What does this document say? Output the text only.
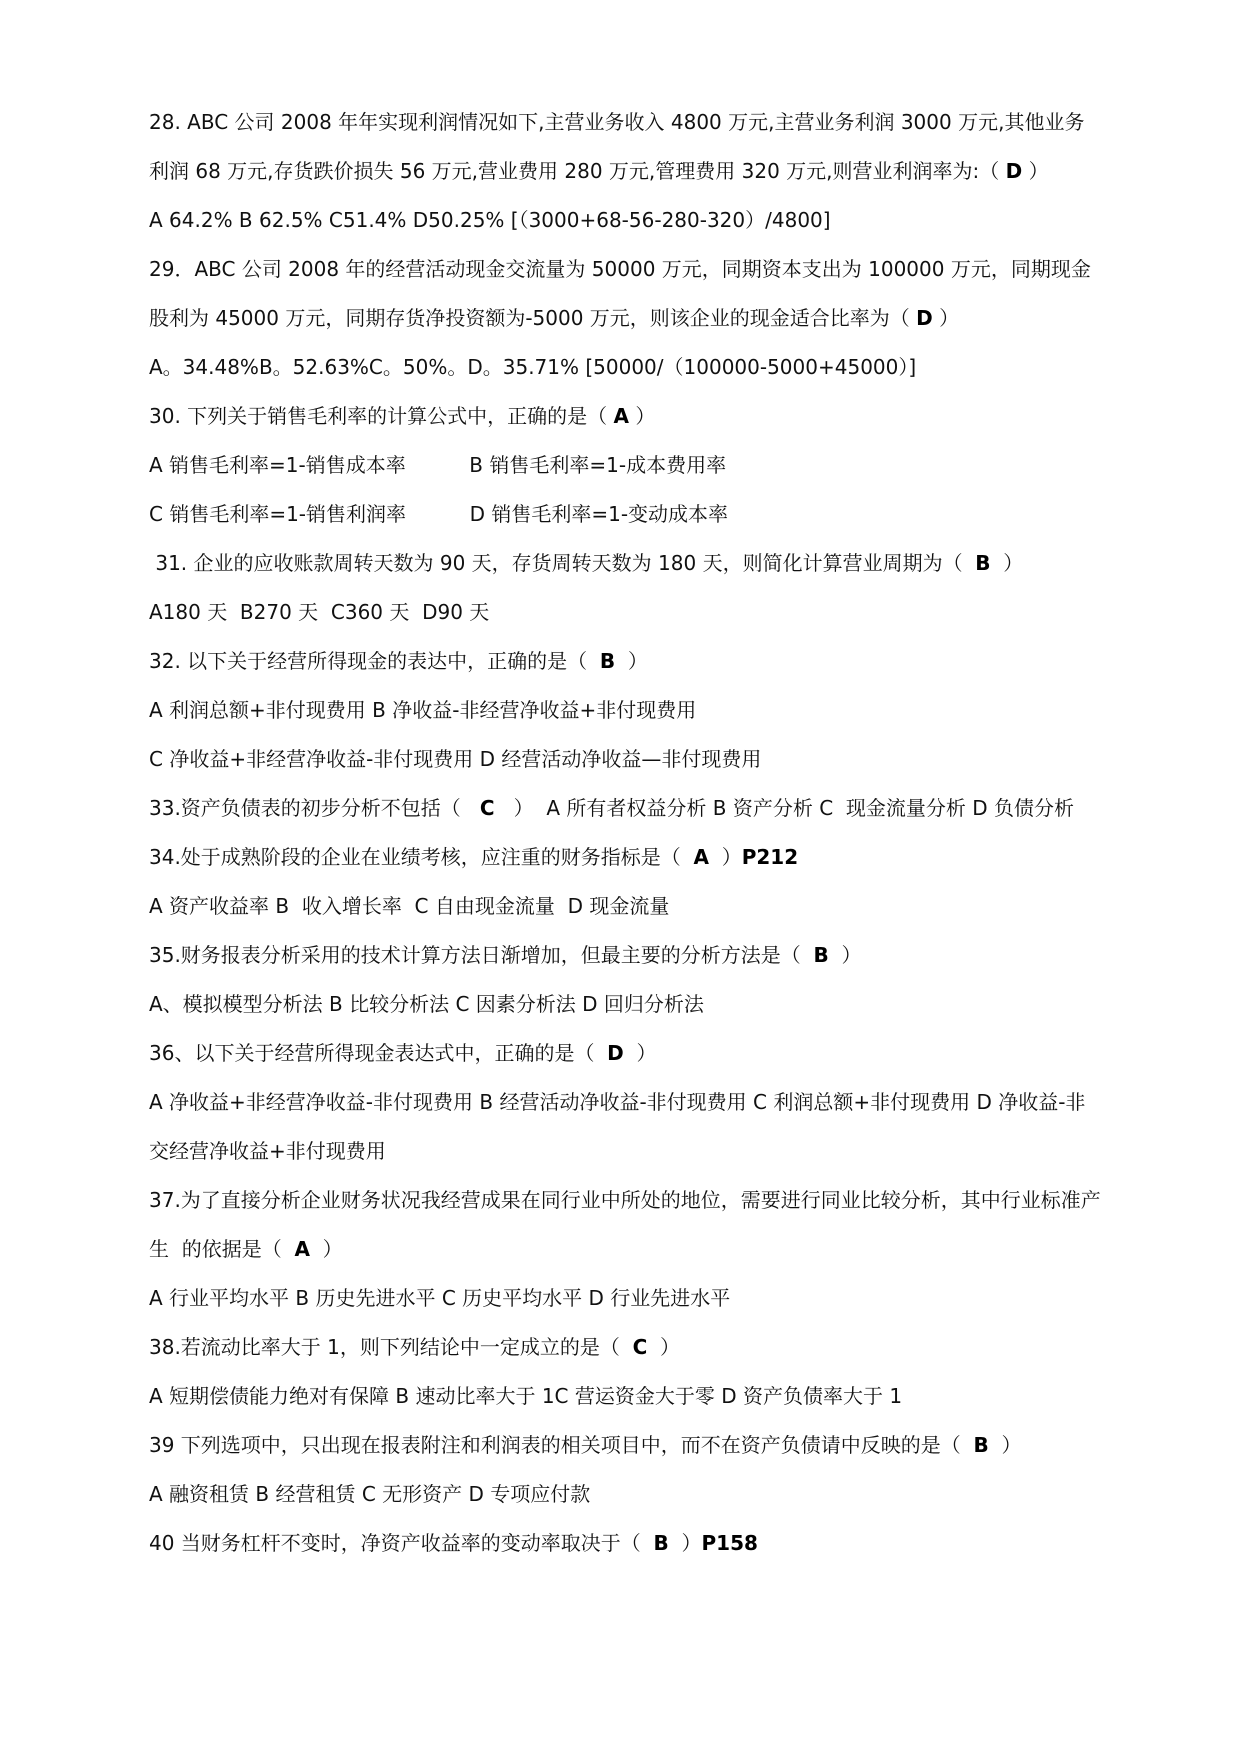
28. ABC 公司 2008 年年实现利润情况如下,主营业务收入 4800 万元,主营业务利润 3000 万元,其他业务利润 68 万元,存货跌价损失 56 万元,营业费用 280 万元,管理费用 320 万元,则营业利润率为:（ D ）
A 64.2% B 62.5% C51.4% D50.25% [（3000+68-56-280-320）/4800]
29．ABC 公司 2008 年的经营活动现金交流量为 50000 万元，同期资本支出为 100000 万元，同期现金股利为 45000 万元，同期存货净投资额为-5000 万元，则该企业的现金适合比率为（ D ）
A。34.48%B。52.63%C。50%。D。35.71% [50000/（100000-5000+45000）]
30. 下列关于销售毛利率的计算公式中，正确的是（ A ）
A 销售毛利率=1-销售成本率          B 销售毛利率=1-成本费用率
C 销售毛利率=1-销售利润率          D 销售毛利率=1-变动成本率
31. 企业的应收账款周转天数为 90 天，存货周转天数为 180 天，则简化计算营业周期为（  B  ）
A180 天  B270 天  C360 天  D90 天
32. 以下关于经营所得现金的表达中，正确的是（  B  ）
A 利润总额+非付现费用 B 净收益-非经营净收益+非付现费用
C 净收益+非经营净收益-非付现费用 D 经营活动净收益—非付现费用
33.资产负债表的初步分析不包括（   C   ）  A 所有者权益分析 B 资产分析 C  现金流量分析 D 负债分析
34.处于成熟阶段的企业在业绩考核，应注重的财务指标是（  A  ）P212
A 资产收益率 B  收入增长率  C 自由现金流量  D 现金流量
35.财务报表分析采用的技术计算方法日渐增加，但最主要的分析方法是（  B  ）
A、模拟模型分析法 B 比较分析法 C 因素分析法 D 回归分析法
36、以下关于经营所得现金表达式中，正确的是（  D  ）
A 净收益+非经营净收益-非付现费用 B 经营活动净收益-非付现费用 C 利润总额+非付现费用 D 净收益-非交经营净收益+非付现费用
37.为了直接分析企业财务状况我经营成果在同行业中所处的地位，需要进行同业比较分析，其中行业标准产生  的依据是（  A  ）
A 行业平均水平 B 历史先进水平 C 历史平均水平 D 行业先进水平
38.若流动比率大于 1，则下列结论中一定成立的是（  C  ）
A 短期偿债能力绝对有保障 B 速动比率大于 1C 营运资金大于零 D 资产负债率大于 1
39 下列选项中，只出现在报表附注和利润表的相关项目中，而不在资产负债请中反映的是（  B  ）
A 融资租赁 B 经营租赁 C 无形资产 D 专项应付款
40 当财务杠杆不变时，净资产收益率的变动率取决于（  B  ）P158
